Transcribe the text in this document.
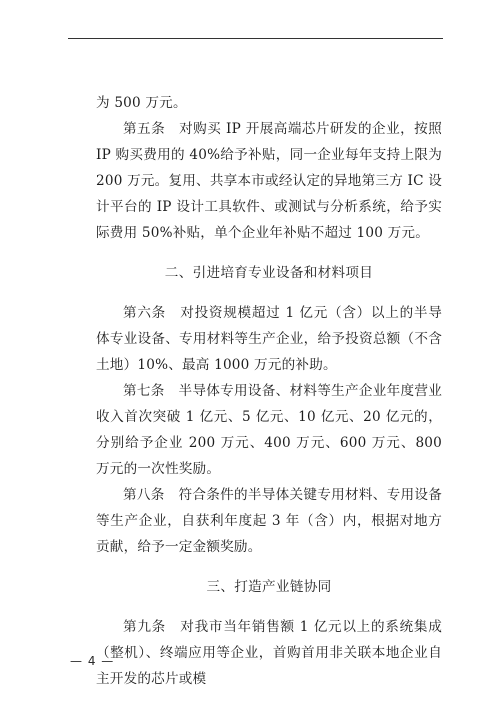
为 500 万元。

第五条　对购买 IP 开展高端芯片研发的企业，按照 IP 购买费用的 40%给予补贴，同一企业每年支持上限为 200 万元。复用、共享本市或经认定的异地第三方 IC 设计平台的 IP 设计工具软件、或测试与分析系统，给予实际费用 50%补贴，单个企业年补贴不超过 100 万元。

二、引进培育专业设备和材料项目

第六条　对投资规模超过 1 亿元（含）以上的半导体专业设备、专用材料等生产企业，给予投资总额（不含土地）10%、最高 1000 万元的补助。

第七条　半导体专用设备、材料等生产企业年度营业收入首次突破 1 亿元、5 亿元、10 亿元、20 亿元的，分别给予企业 200 万元、400 万元、600 万元、800 万元的一次性奖励。

第八条　符合条件的半导体关键专用材料、专用设备等生产企业，自获利年度起 3 年（含）内，根据对地方贡献，给予一定金额奖励。

三、打造产业链协同

第九条　对我市当年销售额 1 亿元以上的系统集成（整机）、终端应用等企业，首购首用非关联本地企业自主开发的芯片或模

— 4 —
